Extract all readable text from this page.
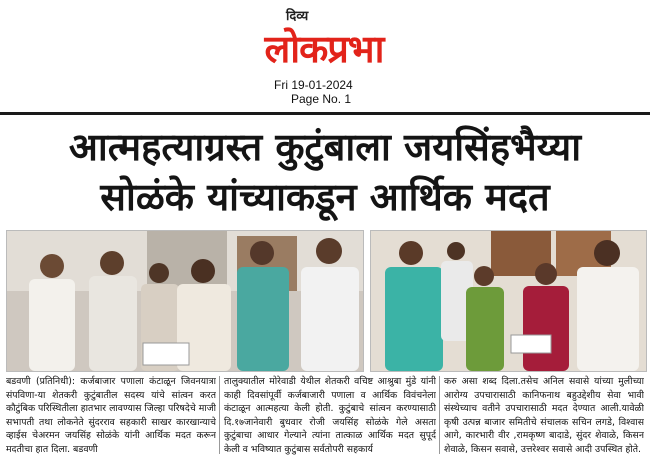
दिव्य
लोकप्रभा
Fri 19-01-2024
Page No. 1
आत्महत्याग्रस्त कुटुंबाला जयसिंहभैय्या
सोळंके यांच्याकडून आर्थिक मदत
बडवणी (प्रतिनिधी): कर्जबाजार पणाला कंटाळून जिवनयात्रा संपविणा-या शेतकरी कुटुंबातील सदस्य यांचे सांत्वन करत कौटुंबिक परिस्थितीला हातभार लावण्यास जिल्हा परिषदेचे माजी सभापती तथा लोकनेते सुंदरराव सहकारी साखर कारखान्याचे व्हाईस चेअरमन जयसिंह सोळंके यांनी आर्थिक मदत करून मदतीचा हात दिला. बडवणी
तालुक्यातील मोरेवाडी येथील शेतकरी वचिष्ट आश्रुबा मुंडे यांनी काही दिवसांपूर्वी कर्जबाजारी पणाला व आर्थिक विवंचनेला कंटाळून आत्महत्या केली होती. कुटुंबाचे सांत्वन करण्यासाठी दि.१७जानेवारी बुधवार रोजी जयसिंह सोळंके गेले असता कुटुंबाचा आधार गेल्याने त्यांना तात्काळ आर्थिक मदत सुपूर्द केली व भविष्यात कुटुंबास सर्वतोपरी सहकार्य
करु असा शब्द दिला.तसेच अनिल सवासे यांच्या मुलीच्या आरोग्य उपचारासाठी कानिफनाथ बहुउद्देशीय सेवा भावी संस्थेच्याच वतीने उपचारासाठी मदत देण्यात आली.यावेळी कृषी उत्पन्न बाजार समितीचे संचालक सचिन लगडे, विश्वास आगे, कारभारी वीर ,रामकृष्ण बादाडे, सुंदर शेवाळे, किसन शेवाळे, किसन सवासे, उत्तरेश्वर सवासे आदी उपस्थित होते.
